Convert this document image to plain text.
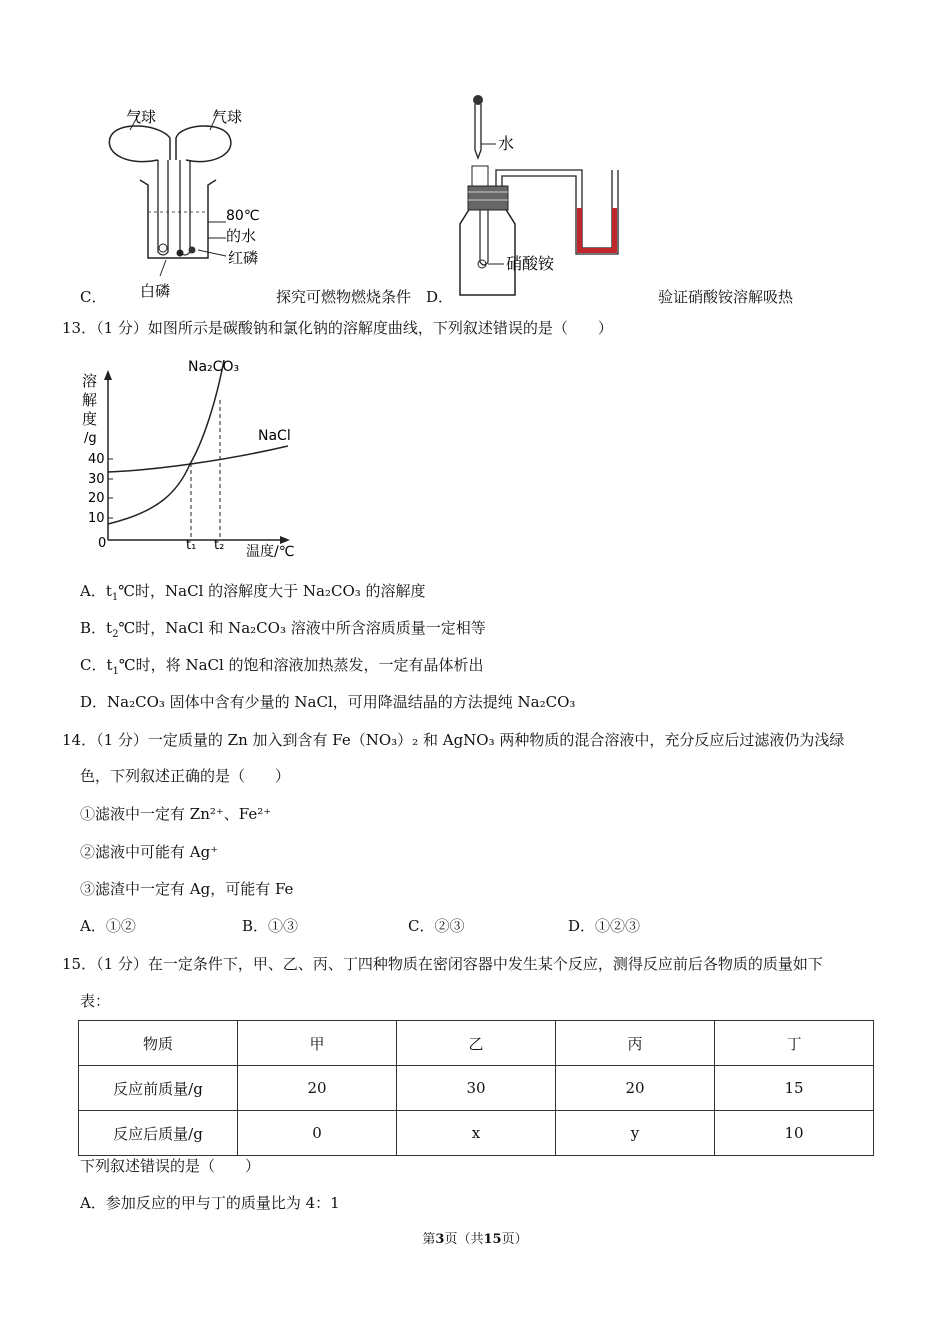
气球	气球
80℃
的水
红磷
白磷
C．	探究可燃物燃烧条件
水
硝酸铵
D．	验证硝酸铵溶解吸热
13．（1 分）如图所示是碳酸钠和氯化钠的溶解度曲线，下列叙述错误的是（　　）
溶
解
度
/g
40
30
20
10
0
Na₂CO₃
NaCl
t₁ t₂ 温度/℃
A．$t_1℃$时，NaCl 的溶解度大于 Na₂CO₃ 的溶解度
B．$t_2℃$时，NaCl 和 Na₂CO₃ 溶液中所含溶质质量一定相等
C．$t_1℃$时，将 NaCl 的饱和溶液加热蒸发，一定有晶体析出
D．Na₂CO₃ 固体中含有少量的 NaCl，可用降温结晶的方法提纯 Na₂CO₃
14．（1 分）一定质量的 Zn 加入到含有 Fe（NO₃）₂ 和 AgNO₃ 两种物质的混合溶液中，充分反应后过滤液仍为浅绿
色，下列叙述正确的是（　　）
①滤液中一定有 Zn²⁺、Fe²⁺
②滤液中可能有 Ag⁺
③滤渣中一定有 Ag，可能有 Fe
A．①②	B．①③	C．②③	D．①②③
15．（1 分）在一定条件下，甲、乙、丙、丁四种物质在密闭容器中发生某个反应，测得反应前后各物质的质量如下
表：
物质	甲	乙	丙	丁
反应前质量/g	20	30	20	15
反应后质量/g	0	x	y	10
下列叙述错误的是（　　）
A．参加反应的甲与丁的质量比为 4：1
第3页（共15页）
